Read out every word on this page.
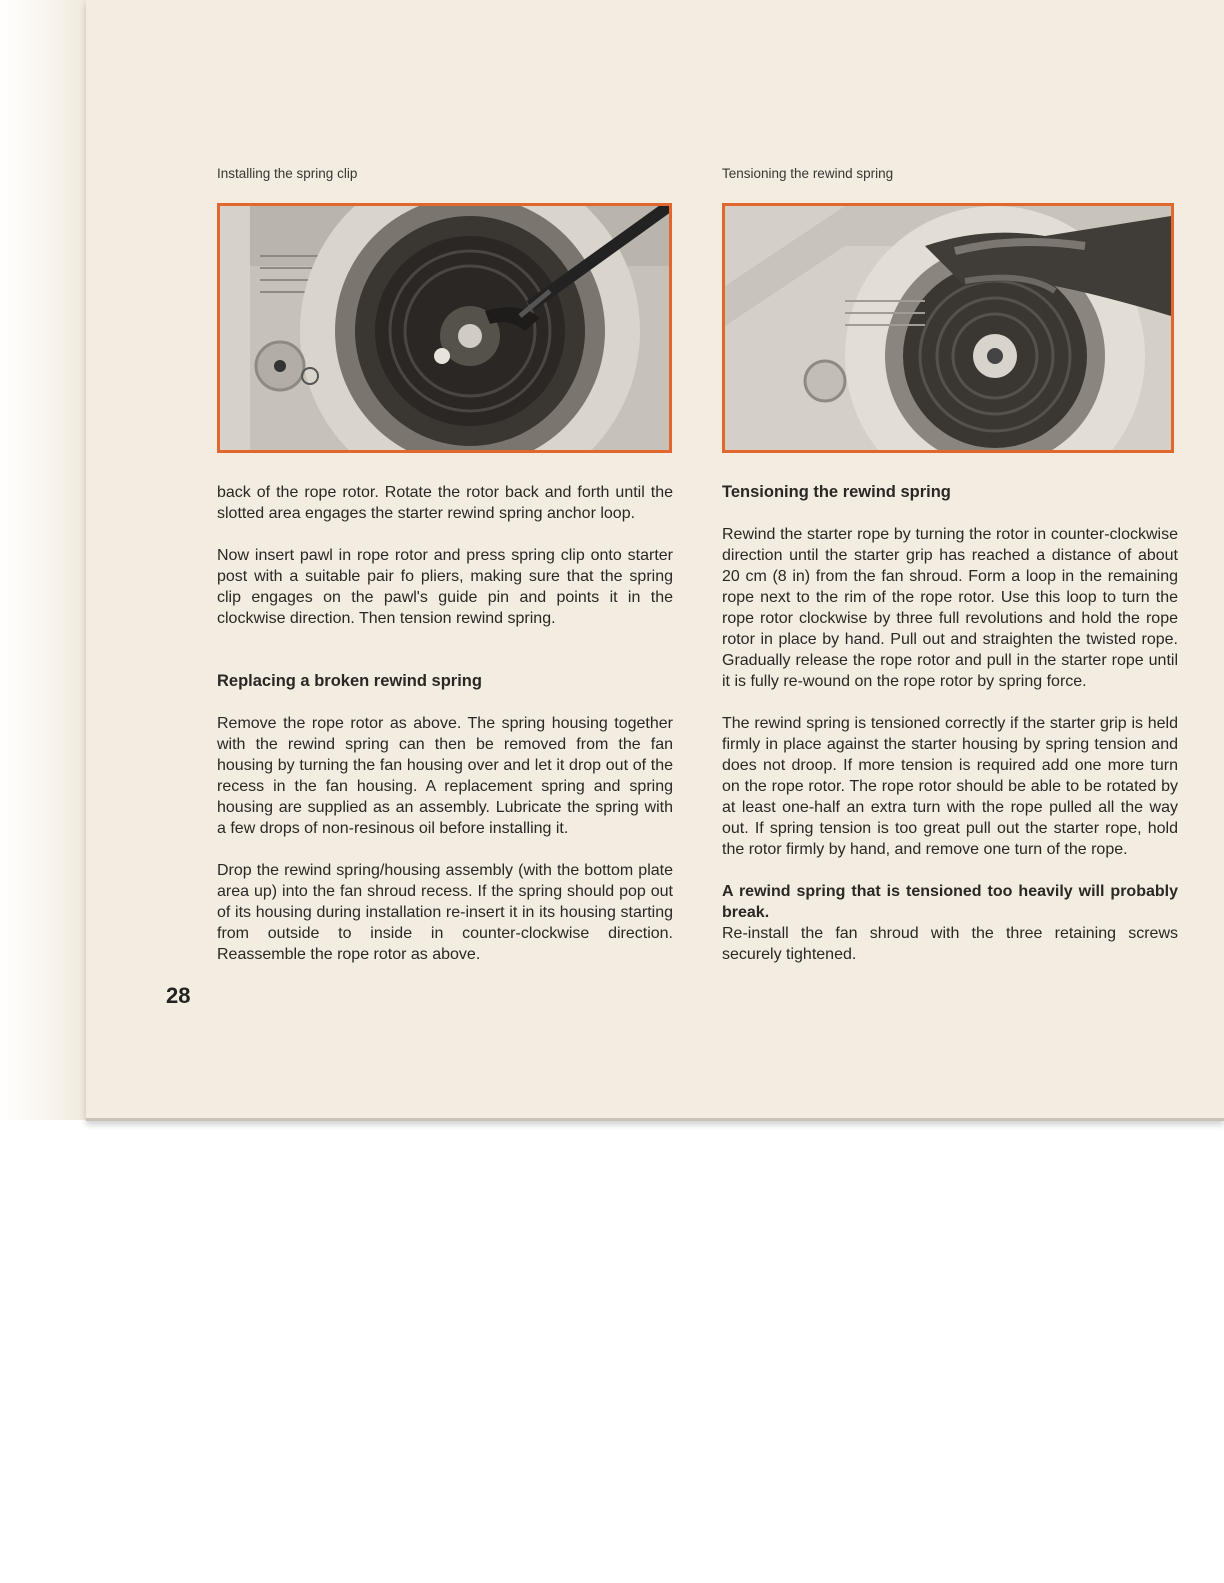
Installing the spring clip

back of the rope rotor. Rotate the rotor back and forth until the slotted area engages the starter rewind spring anchor loop.

Now insert pawl in rope rotor and press spring clip onto starter post with a suitable pair fo pliers, making sure that the spring clip engages on the pawl's guide pin and points it in the clockwise direction. Then tension rewind spring.

Replacing a broken rewind spring

Remove the rope rotor as above. The spring housing together with the rewind spring can then be removed from the fan housing by turning the fan housing over and let it drop out of the recess in the fan housing. A replacement spring and spring housing are supplied as an assembly. Lubricate the spring with a few drops of non-resinous oil before installing it.

Drop the rewind spring/housing assembly (with the bottom plate area up) into the fan shroud recess. If the spring should pop out of its housing during installation re-insert it in its housing starting from outside to inside in counter-clockwise direction. Reassemble the rope rotor as above.

Tensioning the rewind spring
Tensioning the rewind spring

Rewind the starter rope by turning the rotor in counter-clockwise direction until the starter grip has reached a distance of about 20 cm (8 in) from the fan shroud. Form a loop in the remaining rope next to the rim of the rope rotor. Use this loop to turn the rope rotor clockwise by three full revolutions and hold the rope rotor in place by hand. Pull out and straighten the twisted rope. Gradually release the rope rotor and pull in the starter rope until it is fully re-wound on the rope rotor by spring force.

The rewind spring is tensioned correctly if the starter grip is held firmly in place against the starter housing by spring tension and does not droop. If more tension is required add one more turn on the rope rotor. The rope rotor should be able to be rotated by at least one-half an extra turn with the rope pulled all the way out. If spring tension is too great pull out the starter rope, hold the rotor firmly by hand, and remove one turn of the rope.

A rewind spring that is tensioned too heavily will probably break.

Re-install the fan shroud with the three retaining screws securely tightened.

28
